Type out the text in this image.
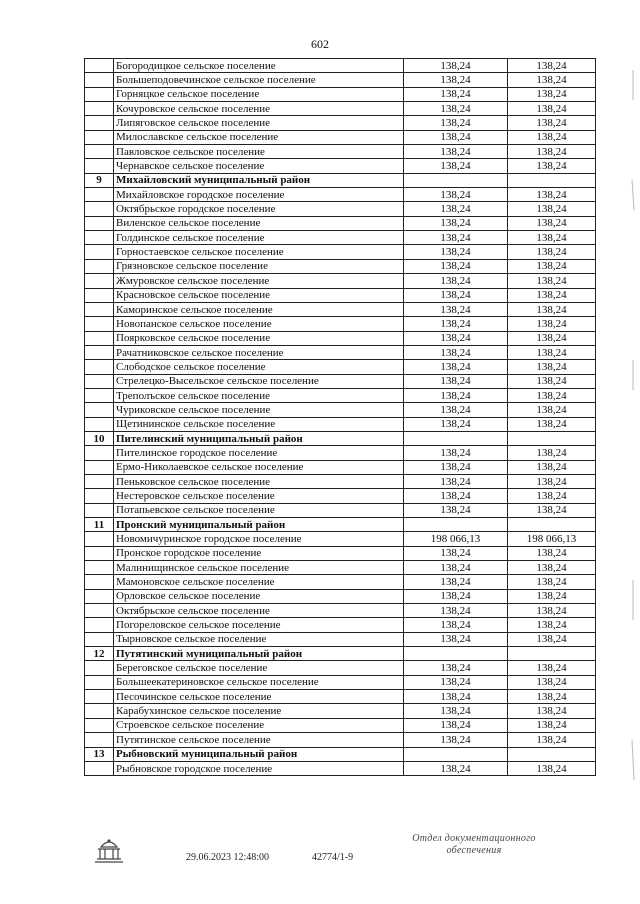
602
	Богородицкое сельское поселение	138,24	138,24
	Большеподовечинское сельское поселение	138,24	138,24
	Горняцкое сельское поселение	138,24	138,24
	Кочуровское сельское поселение	138,24	138,24
	Липяговское сельское поселение	138,24	138,24
	Милославское сельское поселение	138,24	138,24
	Павловское сельское поселение	138,24	138,24
	Чернавское сельское поселение	138,24	138,24
9	Михайловский муниципальный район		
	Михайловское городское поселение	138,24	138,24
	Октябрьское городское поселение	138,24	138,24
	Виленское сельское поселение	138,24	138,24
	Голдинское сельское поселение	138,24	138,24
	Горностаевское сельское поселение	138,24	138,24
	Грязновское сельское поселение	138,24	138,24
	Жмуровское сельское поселение	138,24	138,24
	Красновское сельское поселение	138,24	138,24
	Каморинское сельское поселение	138,24	138,24
	Новопанское сельское поселение	138,24	138,24
	Поярковское сельское поселение	138,24	138,24
	Рачатниковское сельское поселение	138,24	138,24
	Слободское сельское поселение	138,24	138,24
	Стрелецко-Высельское сельское поселение	138,24	138,24
	Треполъское сельское поселение	138,24	138,24
	Чуриковское сельское поселение	138,24	138,24
	Щетининское сельское поселение	138,24	138,24
10	Пителинский муниципальный район		
	Пителинское городское поселение	138,24	138,24
	Ермо-Николаевское сельское поселение	138,24	138,24
	Пеньковское сельское поселение	138,24	138,24
	Нестеровское сельское поселение	138,24	138,24
	Потапьевское сельское поселение	138,24	138,24
11	Пронский муниципальный район		
	Новомичуринское городское поселение	198 066,13	198 066,13
	Пронское городское поселение	138,24	138,24
	Малинищинское сельское поселение	138,24	138,24
	Мамоновское сельское поселение	138,24	138,24
	Орловское сельское поселение	138,24	138,24
	Октябрьское сельское поселение	138,24	138,24
	Погореловское сельское поселение	138,24	138,24
	Тырновское сельское поселение	138,24	138,24
12	Путятинский муниципальный район		
	Береговское сельское поселение	138,24	138,24
	Большеекатериновское сельское поселение	138,24	138,24
	Песочинское сельское поселение	138,24	138,24
	Карабухинское сельское поселение	138,24	138,24
	Строевское сельское поселение	138,24	138,24
	Путятинское сельское поселение	138,24	138,24
13	Рыбновский муниципальный район		
	Рыбновское городское поселение	138,24	138,24
Отдел документационного
обеспечения
29.06.2023 12:48:00	42774/1-9
